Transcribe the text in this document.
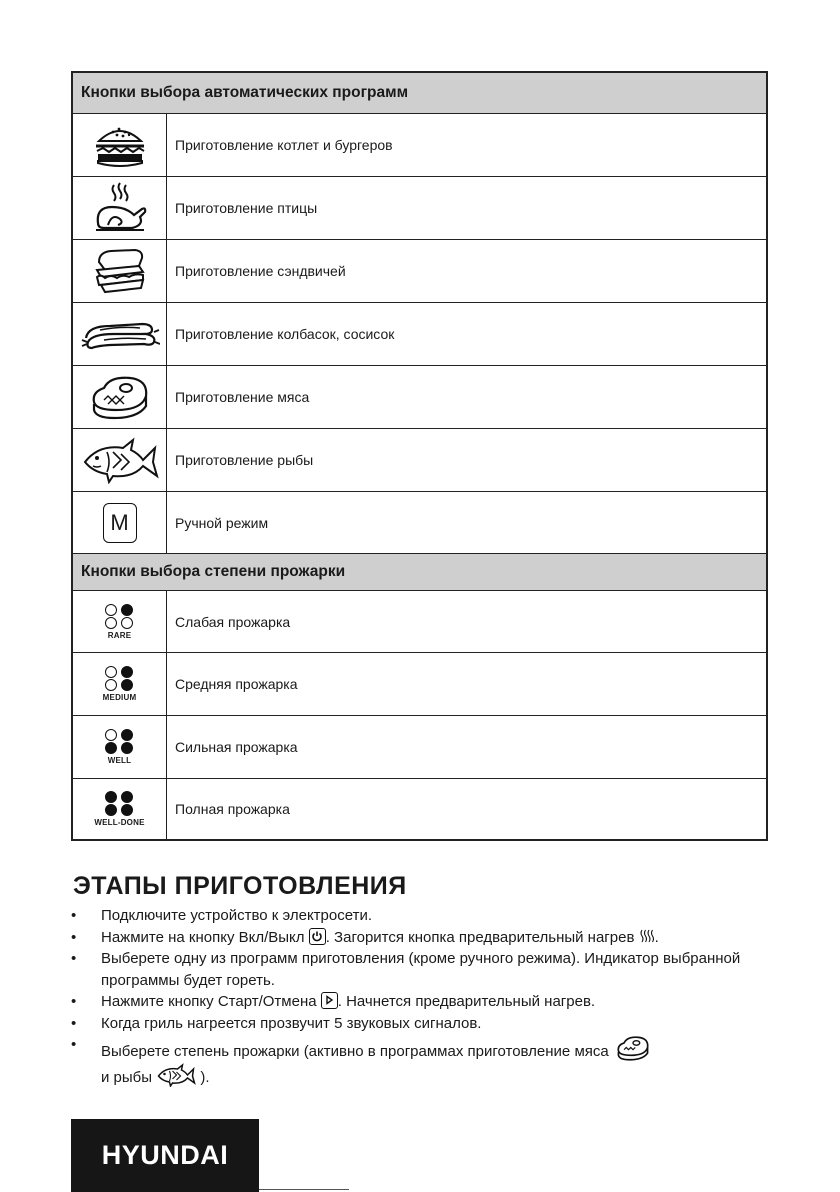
Кнопки выбора автоматических программ
Приготовление котлет и бургеров
Приготовление птицы
Приготовление сэндвичей
Приготовление колбасок, сосисок
Приготовление мяса
Приготовление рыбы
M	Ручной режим
Кнопки выбора степени прожарки
RARE
Слабая прожарка
MEDIUM
Средняя прожарка
WELL
Сильная прожарка
WELL-DONE
Полная прожарка
ЭТАПЫ ПРИГОТОВЛЕНИЯ
• Подключите устройство к электросети.
• Нажмите на кнопку Вкл/Выкл
. Загорится кнопка предварительный нагрев .
• Выберете одну из программ приготовления (кроме ручного режима). Индикатор выбранной программы будет гореть.
• Нажмите кнопку Старт/Отмена
. Начнется предварительный нагрев.
• Когда гриль нагреется прозвучит 5 звуковых сигналов.
• Выберете степень прожарки (активно в программах приготовление мяса
и рыбы	).
HYUNDAI
